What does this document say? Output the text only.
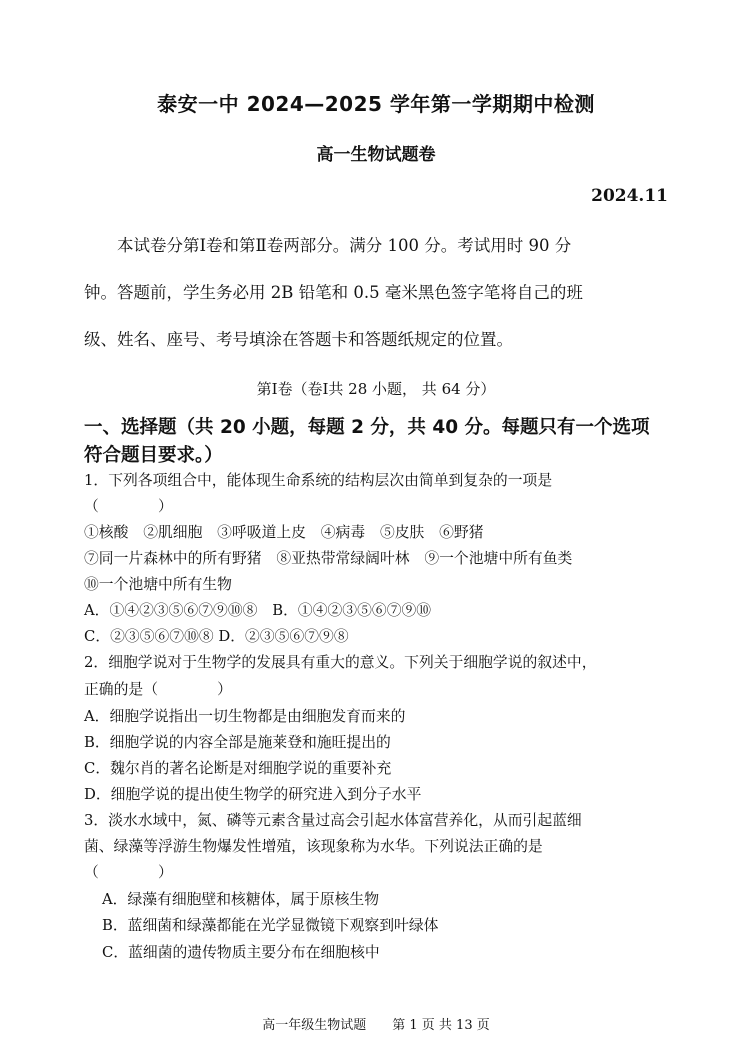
泰安一中 2024—2025 学年第一学期期中检测
高一生物试题卷
2024.11
　　本试卷分第Ⅰ卷和第Ⅱ卷两部分。满分 100 分。考试用时 90 分
钟。答题前，学生务必用 2B 铅笔和 0.5 毫米黑色签字笔将自己的班
级、姓名、座号、考号填涂在答题卡和答题纸规定的位置。
第Ⅰ卷（卷Ⅰ共 28 小题， 共 64 分）
一、选择题（共 20 小题，每题 2 分，共 40 分。每题只有一个选项
符合题目要求。）
1．下列各项组合中，能体现生命系统的结构层次由简单到复杂的一项是
（　　　　）
①核酸　②肌细胞　③呼吸道上皮　④病毒　⑤皮肤　⑥野猪
⑦同一片森林中的所有野猪　⑧亚热带常绿阔叶林　⑨一个池塘中所有鱼类
⑩一个池塘中所有生物
A．①④②③⑤⑥⑦⑨⑩⑧　B．①④②③⑤⑥⑦⑨⑩
C．②③⑤⑥⑦⑩⑧ D．②③⑤⑥⑦⑨⑧
2．细胞学说对于生物学的发展具有重大的意义。下列关于细胞学说的叙述中，
正确的是（　　　　）
A．细胞学说指出一切生物都是由细胞发育而来的
B．细胞学说的内容全部是施莱登和施旺提出的
C．魏尔肖的著名论断是对细胞学说的重要补充
D．细胞学说的提出使生物学的研究进入到分子水平
3．淡水水域中，氮、磷等元素含量过高会引起水体富营养化，从而引起蓝细
菌、绿藻等浮游生物爆发性增殖，该现象称为水华。下列说法正确的是
（　　　　）
A．绿藻有细胞壁和核糖体，属于原核生物
B．蓝细菌和绿藻都能在光学显微镜下观察到叶绿体
C．蓝细菌的遗传物质主要分布在细胞核中
高一年级生物试题　　第 1 页 共 13 页
